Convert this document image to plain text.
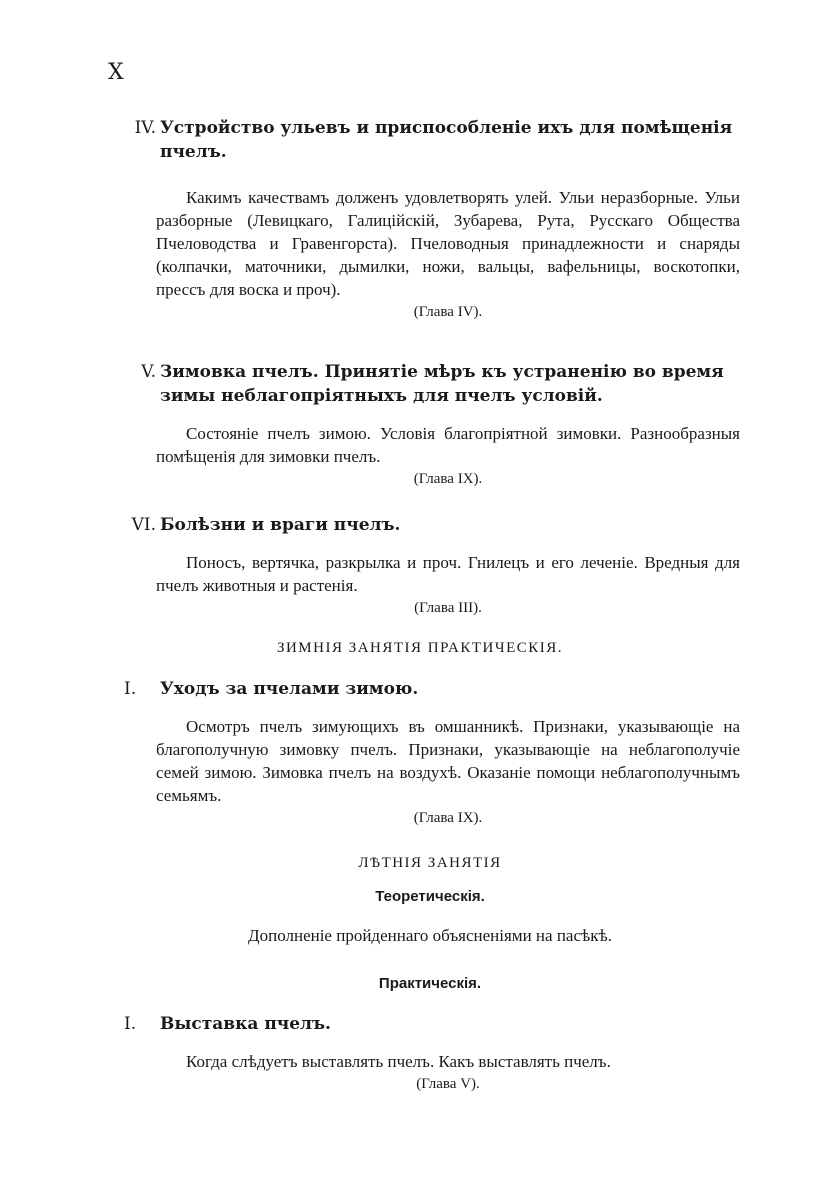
X
IV. Устройство ульевъ и приспособленіе ихъ для помѣщенія пчелъ.
Какимъ качествамъ долженъ удовлетворять улей. Ульи неразборные. Ульи разборные (Левицкаго, Галиційскій, Зубарева, Рута, Русскаго Общества Пчеловодства и Гравенгорста). Пчеловодныя принадлежности и снаряды (колпачки, маточники, дымилки, ножи, вальцы, вафельницы, воскотопки, прессъ для воска и проч).
(Глава IV).
V. Зимовка пчелъ. Принятіе мѣръ къ устраненію во время зимы неблагопріятныхъ для пчелъ условій.
Состояніе пчелъ зимою. Условія благопріятной зимовки. Разнообразныя помѣщенія для зимовки пчелъ.
(Глава IX).
VI. Болѣзни и враги пчелъ.
Поносъ, вертячка, разкрылка и проч. Гнилецъ и его леченіе. Вредныя для пчелъ животныя и растенія.
(Глава III).
ЗИМНІЯ ЗАНЯТІЯ ПРАКТИЧЕСКІЯ.
I.	Уходъ за пчелами зимою.
Осмотръ пчелъ зимующихъ въ омшанникѣ. Признаки, указывающіе на благополучную зимовку пчелъ. Признаки, указывающіе на неблагополучіе семей зимою. Зимовка пчелъ на воздухѣ. Оказаніе помощи неблагополучнымъ семьямъ.
(Глава IX).
ЛѢТНІЯ ЗАНЯТІЯ
Теоретическія.
Дополненіе пройденнаго объясненіями на пасѣкѣ.
Практическія.
I.	Выставка пчелъ.
Когда слѣдуетъ выставлять пчелъ. Какъ выставлять пчелъ.
(Глава V).
